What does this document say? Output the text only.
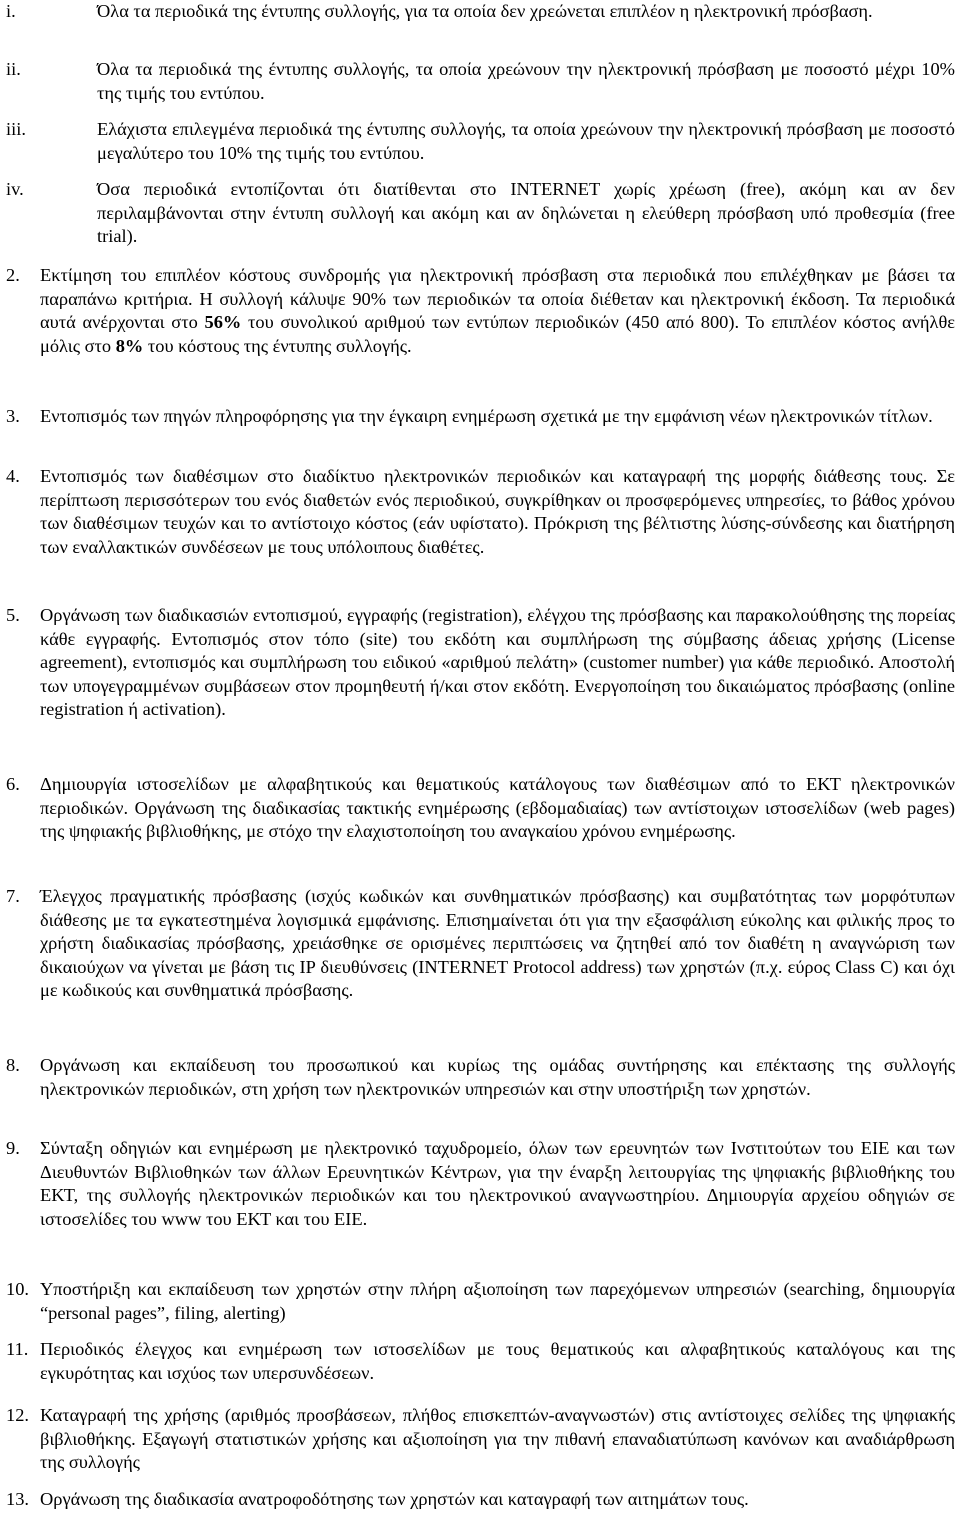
i.	Όλα τα περιοδικά της έντυπης συλλογής, για τα οποία δεν χρεώνεται επιπλέον η ηλεκτρονική πρόσβαση.
ii.	Όλα τα περιοδικά της έντυπης συλλογής, τα οποία χρεώνουν την ηλεκτρονική πρόσβαση με ποσοστό μέχρι 10% της τιμής του εντύπου.
iii.	Ελάχιστα επιλεγμένα περιοδικά της έντυπης συλλογής, τα οποία χρεώνουν την ηλεκτρονική πρόσβαση με ποσοστό μεγαλύτερο του 10% της τιμής του εντύπου.
iv.	Όσα περιοδικά εντοπίζονται ότι διατίθενται στο INTERNET χωρίς χρέωση (free), ακόμη και αν δεν περιλαμβάνονται στην έντυπη συλλογή και ακόμη και αν δηλώνεται η ελεύθερη πρόσβαση υπό προθεσμία (free trial).
2. Εκτίμηση του επιπλέον κόστους συνδρομής για ηλεκτρονική πρόσβαση στα περιοδικά που επιλέχθηκαν με βάσει τα παραπάνω κριτήρια. Η συλλογή κάλυψε 90% των περιοδικών τα οποία διέθεταν και ηλεκτρονική έκδοση. Τα περιοδικά αυτά ανέρχονται στο 56% του συνολικού αριθμού των εντύπων περιοδικών (450 από 800). Το επιπλέον κόστος ανήλθε μόλις στο 8% του κόστους της έντυπης συλλογής.
3. Εντοπισμός των πηγών πληροφόρησης για την έγκαιρη ενημέρωση σχετικά με την εμφάνιση νέων ηλεκτρονικών τίτλων.
4. Εντοπισμός των διαθέσιμων στο διαδίκτυο ηλεκτρονικών περιοδικών και καταγραφή της μορφής διάθεσης τους. Σε περίπτωση περισσότερων του ενός διαθετών ενός περιοδικού, συγκρίθηκαν οι προσφερόμενες υπηρεσίες, το βάθος χρόνου των διαθέσιμων τευχών και το αντίστοιχο κόστος (εάν υφίστατο). Πρόκριση της βέλτιστης λύσης-σύνδεσης και διατήρηση των εναλλακτικών συνδέσεων με τους υπόλοιπους διαθέτες.
5. Οργάνωση των διαδικασιών εντοπισμού, εγγραφής (registration), ελέγχου της πρόσβασης και παρακολούθησης της πορείας κάθε εγγραφής. Εντοπισμός στον τόπο (site) του εκδότη και συμπλήρωση της σύμβασης άδειας χρήσης (License agreement), εντοπισμός και συμπλήρωση του ειδικού «αριθμού πελάτη» (customer number) για κάθε περιοδικό. Αποστολή των υπογεγραμμένων συμβάσεων στον προμηθευτή ή/και στον εκδότη. Ενεργοποίηση του δικαιώματος πρόσβασης (online registration ή activation).
6. Δημιουργία ιστοσελίδων με αλφαβητικούς και θεματικούς κατάλογους των διαθέσιμων από το ΕΚΤ ηλεκτρονικών περιοδικών. Οργάνωση της διαδικασίας τακτικής ενημέρωσης (εβδομαδιαίας) των αντίστοιχων ιστοσελίδων (web pages) της ψηφιακής βιβλιοθήκης, με στόχο την ελαχιστοποίηση του αναγκαίου χρόνου ενημέρωσης.
7. Έλεγχος πραγματικής πρόσβασης (ισχύς κωδικών και συνθηματικών πρόσβασης) και συμβατότητας των μορφότυπων διάθεσης με τα εγκατεστημένα λογισμικά εμφάνισης. Επισημαίνεται ότι για την εξασφάλιση εύκολης και φιλικής προς το χρήστη διαδικασίας πρόσβασης, χρειάσθηκε σε ορισμένες περιπτώσεις να ζητηθεί από τον διαθέτη η αναγνώριση των δικαιούχων να γίνεται με βάση τις IP διευθύνσεις (INTERNET Protocol address) των χρηστών (π.χ. εύρος Class C) και όχι με κωδικούς και συνθηματικά πρόσβασης.
8. Οργάνωση και εκπαίδευση του προσωπικού και κυρίως της ομάδας συντήρησης και επέκτασης της συλλογής ηλεκτρονικών περιοδικών, στη χρήση των ηλεκτρονικών υπηρεσιών και στην υποστήριξη των χρηστών.
9. Σύνταξη οδηγιών και ενημέρωση με ηλεκτρονικό ταχυδρομείο, όλων των ερευνητών των Ινστιτούτων του ΕΙΕ και των Διευθυντών Βιβλιοθηκών των άλλων Ερευνητικών Κέντρων, για την έναρξη λειτουργίας της ψηφιακής βιβλιοθήκης του ΕΚΤ, της συλλογής ηλεκτρονικών περιοδικών και του ηλεκτρονικού αναγνωστηρίου. Δημιουργία αρχείου οδηγιών σε ιστοσελίδες του www του ΕΚΤ και του ΕΙΕ.
10. Υποστήριξη και εκπαίδευση των χρηστών στην πλήρη αξιοποίηση των παρεχόμενων υπηρεσιών (searching, δημιουργία “personal pages”, filing, alerting)
11. Περιοδικός έλεγχος και ενημέρωση των ιστοσελίδων με τους θεματικούς και αλφαβητικούς καταλόγους και της εγκυρότητας και ισχύος των υπερσυνδέσεων.
12. Καταγραφή της χρήσης (αριθμός προσβάσεων, πλήθος επισκεπτών-αναγνωστών) στις αντίστοιχες σελίδες της ψηφιακής βιβλιοθήκης. Εξαγωγή στατιστικών χρήσης και αξιοποίηση για την πιθανή επαναδιατύπωση κανόνων και αναδιάρθρωση της συλλογής
13. Οργάνωση της διαδικασία ανατροφοδότησης των χρηστών και καταγραφή των αιτημάτων τους.
